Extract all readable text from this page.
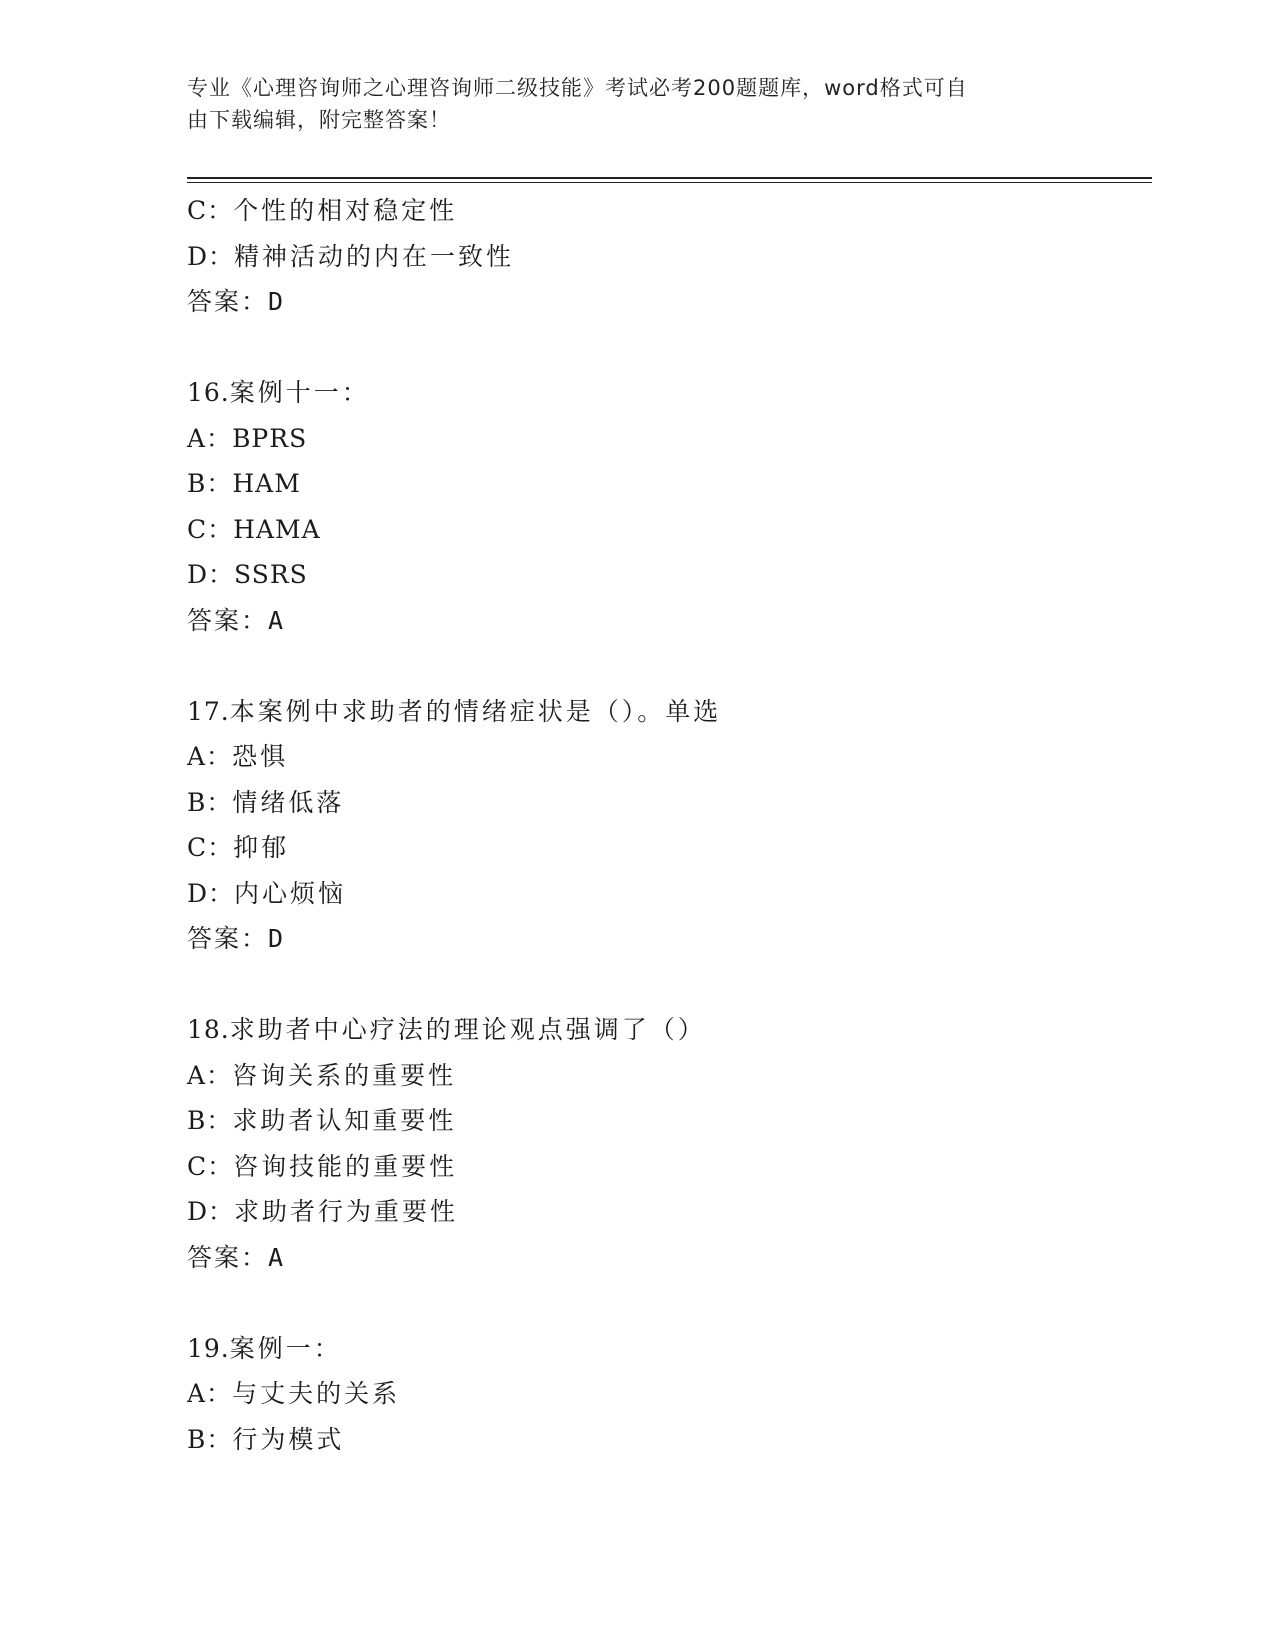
专业《心理咨询师之心理咨询师二级技能》考试必考200题题库，word格式可自
由下载编辑，附完整答案！
C：个性的相对稳定性
D：精神活动的内在一致性
答案：D
16.案例十一：
A：BPRS
B：HAM
C：HAMA
D：SSRS
答案：A
17.本案例中求助者的情绪症状是（）。单选
A：恐惧
B：情绪低落
C：抑郁
D：内心烦恼
答案：D
18.求助者中心疗法的理论观点强调了（）
A：咨询关系的重要性
B：求助者认知重要性
C：咨询技能的重要性
D：求助者行为重要性
答案：A
19.案例一：
A：与丈夫的关系
B：行为模式
